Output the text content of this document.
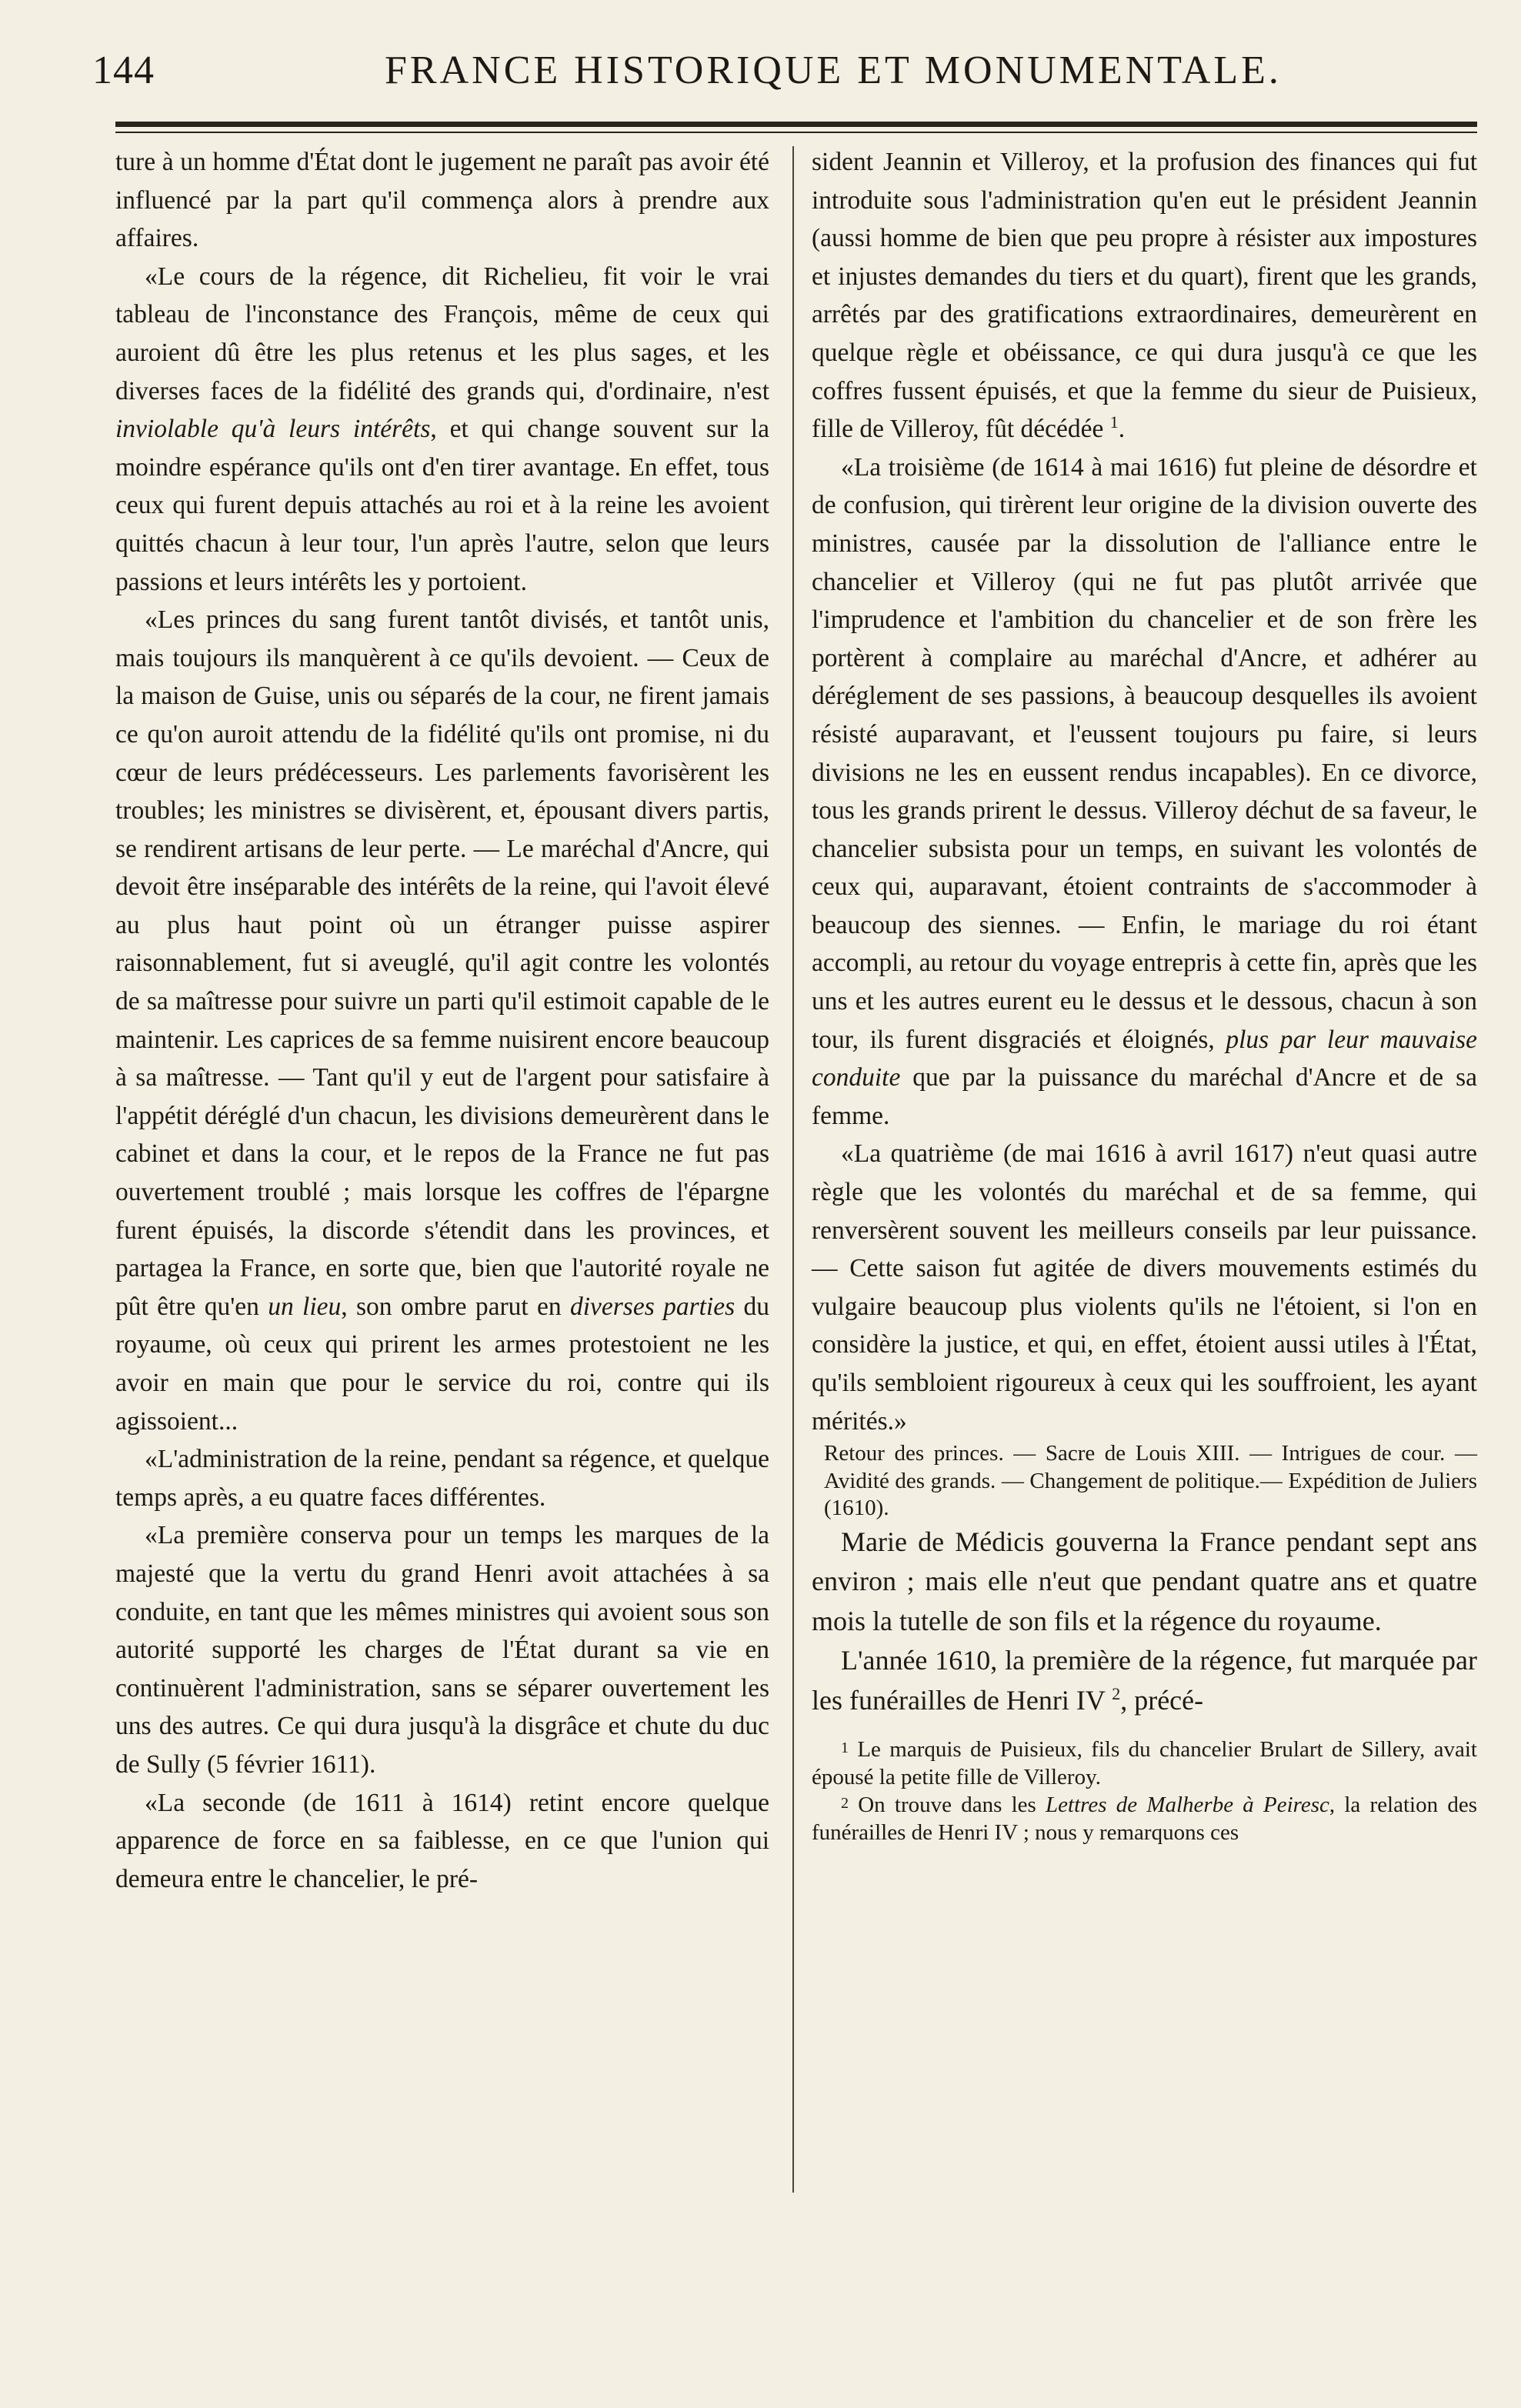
144	FRANCE HISTORIQUE ET MONUMENTALE.

ture à un homme d'État dont le jugement ne paraît pas avoir été influencé par la part qu'il commença alors à prendre aux affaires.

«Le cours de la régence, dit Richelieu, fit voir le vrai tableau de l'inconstance des François, même de ceux qui auroient dû être les plus retenus et les plus sages, et les diverses faces de la fidélité des grands qui, d'ordinaire, n'est inviolable qu'à leurs intérêts, et qui change souvent sur la moindre espérance qu'ils ont d'en tirer avantage. En effet, tous ceux qui furent depuis attachés au roi et à la reine les avoient quittés chacun à leur tour, l'un après l'autre, selon que leurs passions et leurs intérêts les y portoient.

«Les princes du sang furent tantôt divisés, et tantôt unis, mais toujours ils manquèrent à ce qu'ils devoient. — Ceux de la maison de Guise, unis ou séparés de la cour, ne firent jamais ce qu'on auroit attendu de la fidélité qu'ils ont promise, ni du cœur de leurs prédécesseurs. Les parlements favorisèrent les troubles; les ministres se divisèrent, et, épousant divers partis, se rendirent artisans de leur perte. — Le maréchal d'Ancre, qui devoit être inséparable des intérêts de la reine, qui l'avoit élevé au plus haut point où un étranger puisse aspirer raisonnablement, fut si aveuglé, qu'il agit contre les volontés de sa maîtresse pour suivre un parti qu'il estimoit capable de le maintenir. Les caprices de sa femme nuisirent encore beaucoup à sa maîtresse. — Tant qu'il y eut de l'argent pour satisfaire à l'appétit déréglé d'un chacun, les divisions demeurèrent dans le cabinet et dans la cour, et le repos de la France ne fut pas ouvertement troublé ; mais lorsque les coffres de l'épargne furent épuisés, la discorde s'étendit dans les provinces, et partagea la France, en sorte que, bien que l'autorité royale ne pût être qu'en un lieu, son ombre parut en diverses parties du royaume, où ceux qui prirent les armes protestoient ne les avoir en main que pour le service du roi, contre qui ils agissoient...

«L'administration de la reine, pendant sa régence, et quelque temps après, a eu quatre faces différentes.

«La première conserva pour un temps les marques de la majesté que la vertu du grand Henri avoit attachées à sa conduite, en tant que les mêmes ministres qui avoient sous son autorité supporté les charges de l'État durant sa vie en continuèrent l'administration, sans se séparer ouvertement les uns des autres. Ce qui dura jusqu'à la disgrâce et chute du duc de Sully (5 février 1611).

«La seconde (de 1611 à 1614) retint encore quelque apparence de force en sa faiblesse, en ce que l'union qui demeura entre le chancelier, le pré-

sident Jeannin et Villeroy, et la profusion des finances qui fut introduite sous l'administration qu'en eut le président Jeannin (aussi homme de bien que peu propre à résister aux impostures et injustes demandes du tiers et du quart), firent que les grands, arrêtés par des gratifications extraordinaires, demeurèrent en quelque règle et obéissance, ce qui dura jusqu'à ce que les coffres fussent épuisés, et que la femme du sieur de Puisieux, fille de Villeroy, fût décédée $^1$.

«La troisième (de 1614 à mai 1616) fut pleine de désordre et de confusion, qui tirèrent leur origine de la division ouverte des ministres, causée par la dissolution de l'alliance entre le chancelier et Villeroy (qui ne fut pas plutôt arrivée que l'imprudence et l'ambition du chancelier et de son frère les portèrent à complaire au maréchal d'Ancre, et adhérer au déréglement de ses passions, à beaucoup desquelles ils avoient résisté auparavant, et l'eussent toujours pu faire, si leurs divisions ne les en eussent rendus incapables). En ce divorce, tous les grands prirent le dessus. Villeroy déchut de sa faveur, le chancelier subsista pour un temps, en suivant les volontés de ceux qui, auparavant, étoient contraints de s'accommoder à beaucoup des siennes. — Enfin, le mariage du roi étant accompli, au retour du voyage entrepris à cette fin, après que les uns et les autres eurent eu le dessus et le dessous, chacun à son tour, ils furent disgraciés et éloignés, plus par leur mauvaise conduite que par la puissance du maréchal d'Ancre et de sa femme.

«La quatrième (de mai 1616 à avril 1617) n'eut quasi autre règle que les volontés du maréchal et de sa femme, qui renversèrent souvent les meilleurs conseils par leur puissance. — Cette saison fut agitée de divers mouvements estimés du vulgaire beaucoup plus violents qu'ils ne l'étoient, si l'on en considère la justice, et qui, en effet, étoient aussi utiles à l'État, qu'ils sembloient rigoureux à ceux qui les souffroient, les ayant mérités.»

Retour des princes. — Sacre de Louis XIII. — Intrigues de cour. — Avidité des grands. — Changement de politique.— Expédition de Juliers (1610).

Marie de Médicis gouverna la France pendant sept ans environ ; mais elle n'eut que pendant quatre ans et quatre mois la tutelle de son fils et la régence du royaume.

L'année 1610, la première de la régence, fut marquée par les funérailles de Henri IV $^2$, précé-

$^1$ Le marquis de Puisieux, fils du chancelier Brulart de Sillery, avait épousé la petite fille de Villeroy.

$^2$ On trouve dans les Lettres de Malherbe à Peiresc, la relation des funérailles de Henri IV ; nous y remarquons ces
